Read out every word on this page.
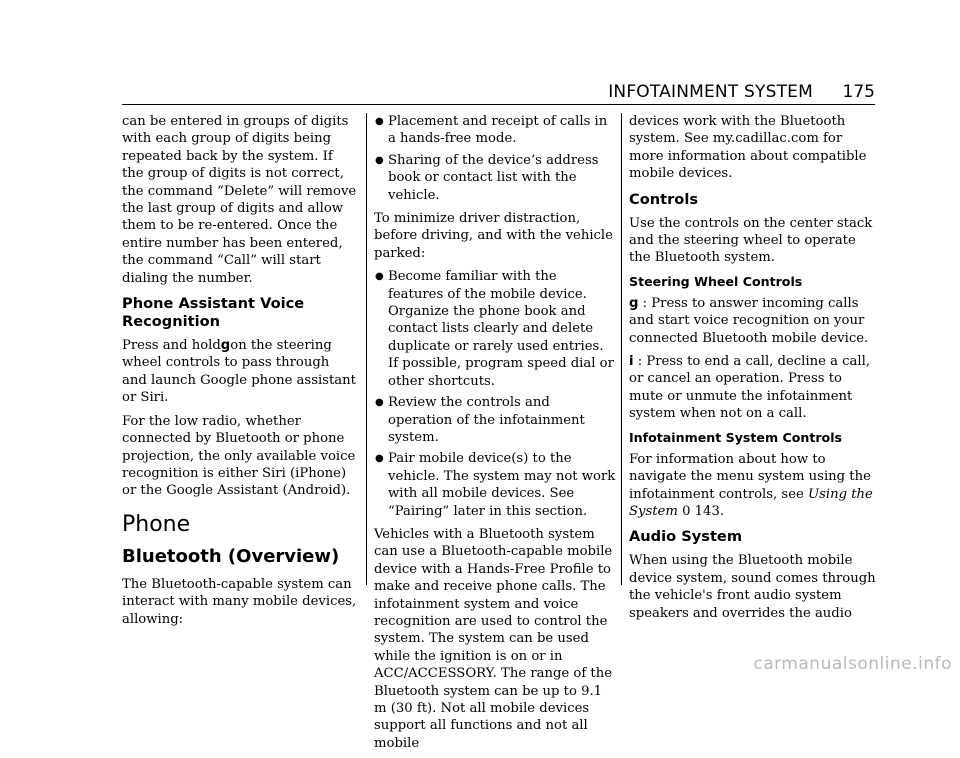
INFOTAINMENT SYSTEM 175

can be entered in groups of digits with each group of digits being repeated back by the system. If the group of digits is not correct, the command “Delete” will remove the last group of digits and allow them to be re-entered. Once the entire number has been entered, the command “Call” will start dialing the number.

Phone Assistant Voice Recognition

Press and holdgon the steering wheel controls to pass through and launch Google phone assistant or Siri.

For the low radio, whether connected by Bluetooth or phone projection, the only available voice recognition is either Siri (iPhone) or the Google Assistant (Android).

Phone
Bluetooth (Overview)

The Bluetooth-capable system can interact with many mobile devices, allowing:

● Placement and receipt of calls in a hands-free mode.
● Sharing of the device’s address book or contact list with the vehicle.

To minimize driver distraction, before driving, and with the vehicle parked:

● Become familiar with the features of the mobile device. Organize the phone book and contact lists clearly and delete duplicate or rarely used entries. If possible, program speed dial or other shortcuts.
● Review the controls and operation of the infotainment system.
● Pair mobile device(s) to the vehicle. The system may not work with all mobile devices. See “Pairing” later in this section.

Vehicles with a Bluetooth system can use a Bluetooth-capable mobile device with a Hands-Free Profile to make and receive phone calls. The infotainment system and voice recognition are used to control the system. The system can be used while the ignition is on or in ACC/ACCESSORY. The range of the Bluetooth system can be up to 9.1 m (30 ft). Not all mobile devices support all functions and not all mobile

devices work with the Bluetooth system. See my.cadillac.com for more information about compatible mobile devices.

Controls

Use the controls on the center stack and the steering wheel to operate the Bluetooth system.

Steering Wheel Controls

g : Press to answer incoming calls and start voice recognition on your connected Bluetooth mobile device.

i : Press to end a call, decline a call, or cancel an operation. Press to mute or unmute the infotainment system when not on a call.

Infotainment System Controls

For information about how to navigate the menu system using the infotainment controls, see Using the System 0 143.

Audio System

When using the Bluetooth mobile device system, sound comes through the vehicle's front audio system speakers and overrides the audio

carmanualsonline.info
